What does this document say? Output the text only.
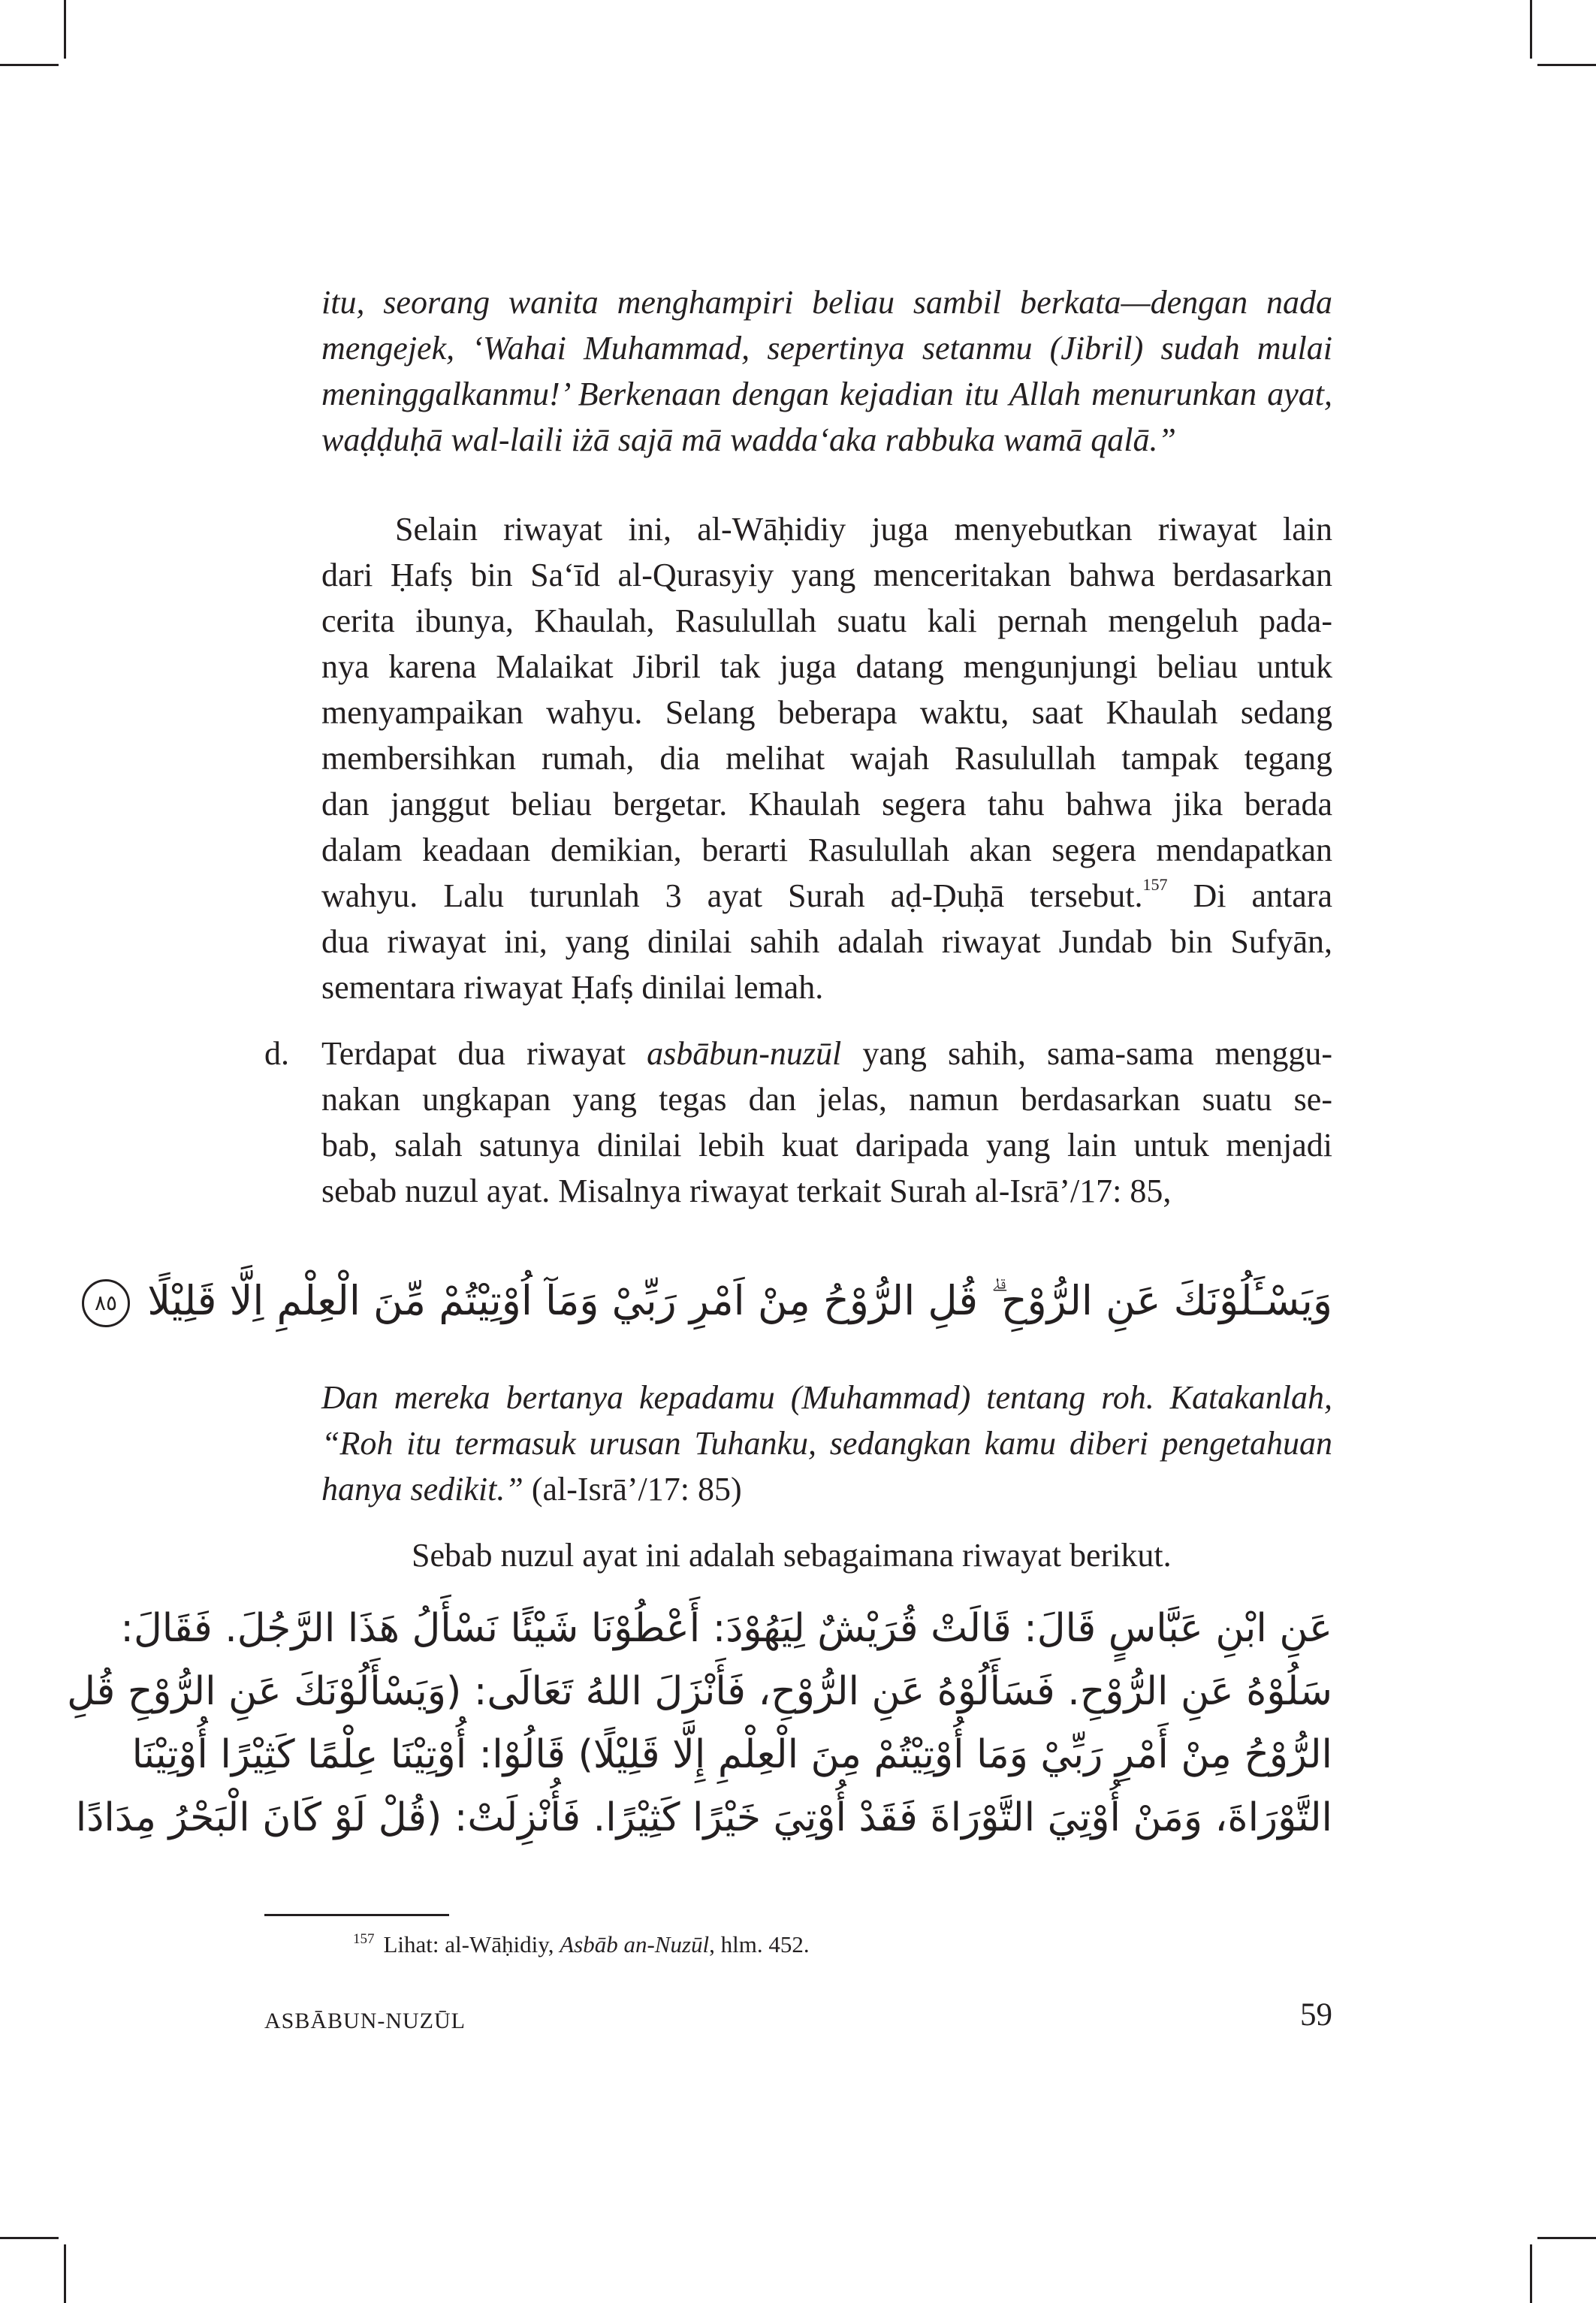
itu, seorang wanita menghampiri beliau sambil berkata—dengan nada
mengejek, ‘Wahai Muhammad, sepertinya setanmu (Jibril) sudah mulai
meninggalkanmu!’ Berkenaan dengan kejadian itu Allah menurunkan ayat,
waḍḍuḥā wal-laili iżā sajā mā wadda‘aka rabbuka wamā qalā.”
Selain riwayat ini, al-Wāḥidiy juga menyebutkan riwayat lain
dari Ḥafṣ bin Sa‘īd al-Qurasyiy yang menceritakan bahwa berdasarkan
cerita ibunya, Khaulah, Rasulullah suatu kali pernah mengeluh pada-
nya karena Malaikat Jibril tak juga datang mengunjungi beliau untuk
menyampaikan wahyu. Selang beberapa waktu, saat Khaulah sedang
membersihkan rumah, dia melihat wajah Rasulullah tampak tegang
dan janggut beliau bergetar. Khaulah segera tahu bahwa jika berada
dalam keadaan demikian, berarti Rasulullah akan segera mendapatkan
wahyu. Lalu turunlah 3 ayat Surah aḍ-Ḍuḥā tersebut.$^{157}$ Di antara
dua riwayat ini, yang dinilai sahih adalah riwayat Jundab bin Sufyān,
sementara riwayat Ḥafṣ dinilai lemah.
d. Terdapat dua riwayat asbābun-nuzūl yang sahih, sama-sama menggu-
nakan ungkapan yang tegas dan jelas, namun berdasarkan suatu se-
bab, salah satunya dinilai lebih kuat daripada yang lain untuk menjadi
sebab nuzul ayat. Misalnya riwayat terkait Surah al-Isrā’/17: 85,
وَيَسْـَٔلُوْنَكَ عَنِ الرُّوْحِ ۗ قُلِ الرُّوْحُ مِنْ اَمْرِ رَبِّيْ وَمَآ اُوْتِيْتُمْ مِّنَ الْعِلْمِ اِلَّا قَلِيْلًا ٨٥
Dan mereka bertanya kepadamu (Muhammad) tentang roh. Katakanlah,
“Roh itu termasuk urusan Tuhanku, sedangkan kamu diberi pengetahuan
hanya sedikit.” (al-Isrā’/17: 85)
Sebab nuzul ayat ini adalah sebagaimana riwayat berikut.
عَنِ ابْنِ عَبَّاسٍ قَالَ: قَالَتْ قُرَيْشٌ لِيَهُوْدَ: أَعْطُوْنَا شَيْئًا نَسْأَلُ هَذَا الرَّجُلَ. فَقَالَ:
سَلُوْهُ عَنِ الرُّوْحِ. فَسَأَلُوْهُ عَنِ الرُّوْحِ، فَأَنْزَلَ اللهُ تَعَالَى: (وَيَسْأَلُوْنَكَ عَنِ الرُّوْحِ قُلِ
الرُّوْحُ مِنْ أَمْرِ رَبِّيْ وَمَا أُوْتِيْتُمْ مِنَ الْعِلْمِ إِلَّا قَلِيْلًا) قَالُوْا: أُوْتِيْنَا عِلْمًا كَثِيْرًا أُوْتِيْنَا
التَّوْرَاةَ، وَمَنْ أُوْتِيَ التَّوْرَاةَ فَقَدْ أُوْتِيَ خَيْرًا كَثِيْرًا. فَأُنْزِلَتْ: (قُلْ لَوْ كَانَ الْبَحْرُ مِدَادًا
$^{157}$ Lihat: al-Wāḥidiy, Asbāb an-Nuzūl, hlm. 452.
ASBĀBUN-NUZŪL	59
